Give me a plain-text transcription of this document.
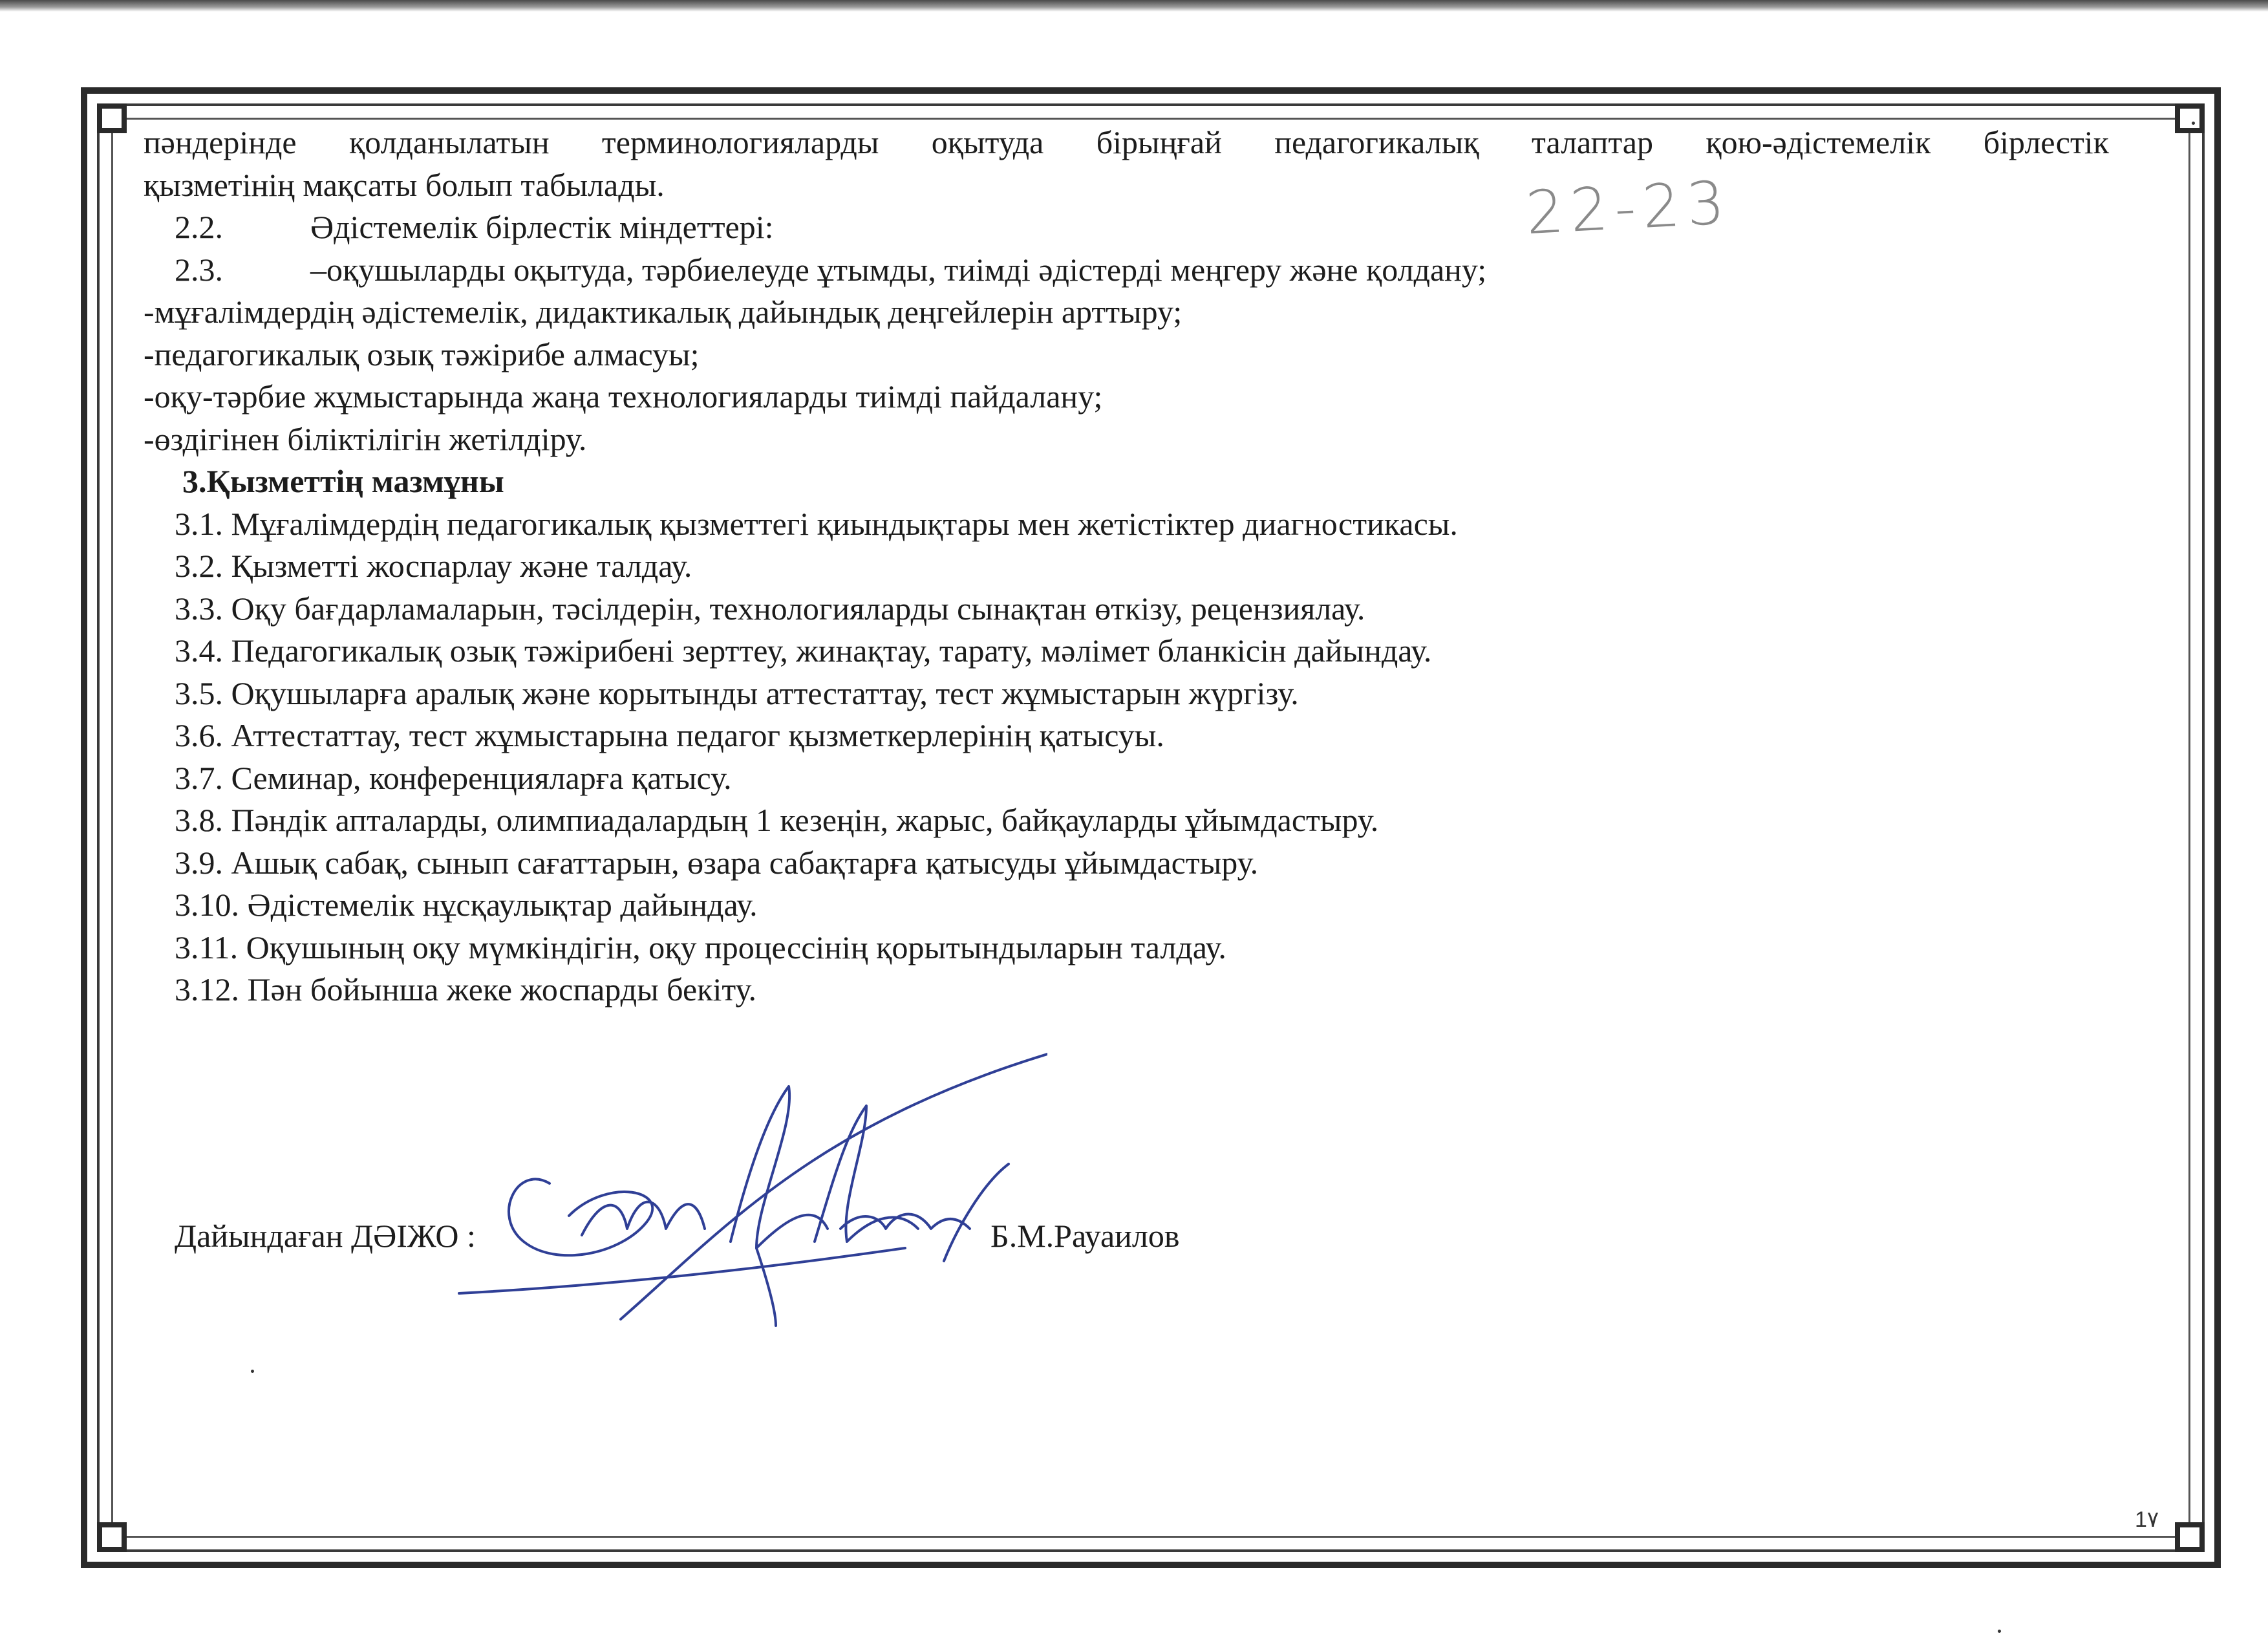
22-23
пәндерінде қолданылатын терминологияларды оқытуда бірыңғай педагогикалық талаптар қою-әдістемелік бірлестік
қызметінің мақсаты болып табылады.
2.2.	Әдістемелік бірлестік міндеттері:
2.3.	–оқушыларды оқытуда, тәрбиелеуде ұтымды, тиімді әдістерді меңгеру және қолдану;
-мұғалімдердің әдістемелік, дидактикалық дайындық деңгейлерін арттыру;
-педагогикалық озық тәжірибе алмасуы;
-оқу-тәрбие жұмыстарында жаңа технологияларды тиімді пайдалану;
-өздігінен біліктілігін жетілдіру.
3.Қызметтің мазмұны
3.1. Мұғалімдердің педагогикалық қызметтегі қиындықтары мен жетістіктер диагностикасы.
3.2. Қызметті жоспарлау және талдау.
3.3. Оқу бағдарламаларын, тәсілдерін, технологияларды сынақтан өткізу, рецензиялау.
3.4. Педагогикалық озық тәжірибені зерттеу, жинақтау, тарату, мәлімет бланкісін дайындау.
3.5. Оқушыларға аралық және корытынды аттестаттау, тест жұмыстарын жүргізу.
3.6. Аттестаттау, тест жұмыстарына педагог қызметкерлерінің қатысуы.
3.7. Семинар, конференцияларға қатысу.
3.8. Пәндік апталарды, олимпиадалардың 1 кезеңін, жарыс, байқауларды ұйымдастыру.
3.9. Ашық сабақ, сынып сағаттарын, өзара сабақтарға қатысуды ұйымдастыру.
3.10. Әдістемелік нұсқаулықтар дайындау.
3.11. Оқушының оқу мүмкіндігін, оқу процессінің қорытындыларын талдау.
3.12. Пән бойынша жеке жоспарды бекіту.
Дайындаған ДӘІЖО :	Б.М.Рауаилов
1٧
